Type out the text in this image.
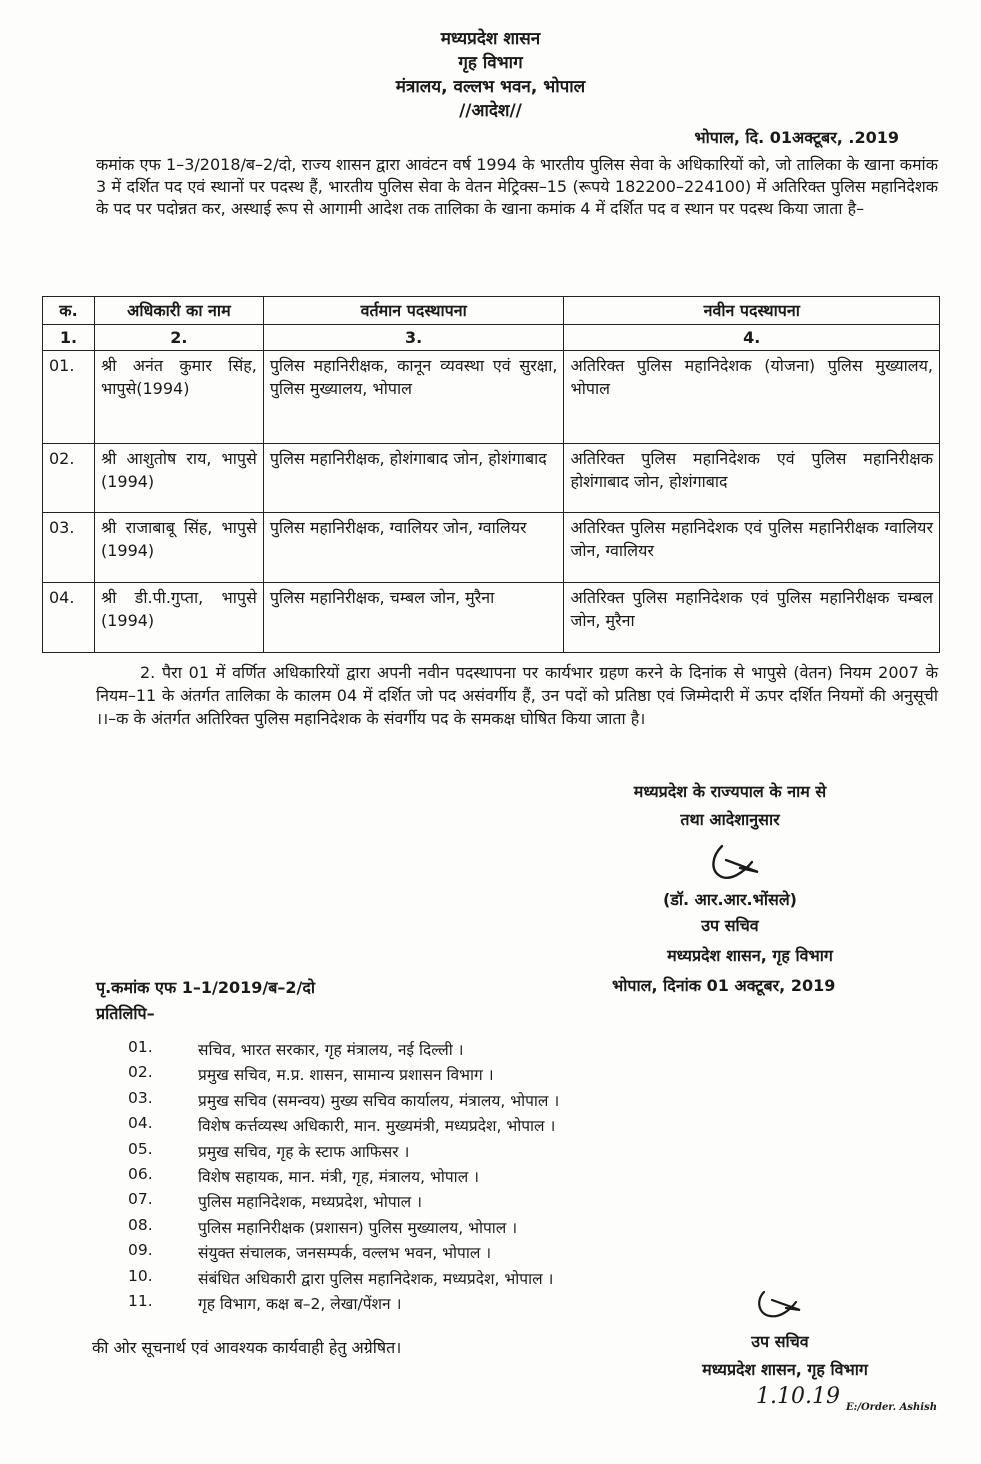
मध्यप्रदेश शासन
गृह विभाग
मंत्रालय, वल्लभ भवन, भोपाल
//आदेश//
भोपाल, दि. 01अक्टूबर, .2019
कमांक एफ 1–3/2018/ब–2/दो, राज्य शासन द्वारा आवंटन वर्ष 1994 के भारतीय पुलिस सेवा के अधिकारियों को, जो तालिका के खाना कमांक 3 में दर्शित पद एवं स्थानों पर पदस्थ हैं, भारतीय पुलिस सेवा के वेतन मेट्रिक्स–15 (रूपये 182200–224100) में अतिरिक्त पुलिस महानिदेशक के पद पर पदोन्नत कर, अस्थाई रूप से आगामी आदेश तक तालिका के खाना कमांक 4 में दर्शित पद व स्थान पर पदस्थ किया जाता है–
क.	अधिकारी का नाम	वर्तमान पदस्थापना	नवीन पदस्थापना
1.	2.	3.	4.
01.	श्री अनंत कुमार सिंह, भापुसे(1994)	पुलिस महानिरीक्षक, कानून व्यवस्था एवं सुरक्षा, पुलिस मुख्यालय, भोपाल	अतिरिक्त पुलिस महानिदेशक (योजना) पुलिस मुख्यालय, भोपाल
02.	श्री आशुतोष राय, भापुसे (1994)	पुलिस महानिरीक्षक, होशंगाबाद जोन, होशंगाबाद	अतिरिक्त पुलिस महानिदेशक एवं पुलिस महानिरीक्षक होशंगाबाद जोन, होशंगाबाद
03.	श्री राजाबाबू सिंह, भापुसे (1994)	पुलिस महानिरीक्षक, ग्वालियर जोन, ग्वालियर	अतिरिक्त पुलिस महानिदेशक एवं पुलिस महानिरीक्षक ग्वालियर जोन, ग्वालियर
04.	श्री डी.पी.गुप्ता, भापुसे (1994)	पुलिस महानिरीक्षक, चम्बल जोन, मुरैना	अतिरिक्त पुलिस महानिदेशक एवं पुलिस महानिरीक्षक चम्बल जोन, मुरैना
2. पैरा 01 में वर्णित अधिकारियों द्वारा अपनी नवीन पदस्थापना पर कार्यभार ग्रहण करने के दिनांक से भापुसे (वेतन) नियम 2007 के नियम–11 के अंतर्गत तालिका के कालम 04 में दर्शित जो पद असंवर्गीय हैं, उन पदों को प्रतिष्ठा एवं जिम्मेदारी में ऊपर दर्शित नियमों की अनुसूची ।।–क के अंतर्गत अतिरिक्त पुलिस महानिदेशक के संवर्गीय पद के समकक्ष घोषित किया जाता है।
मध्यप्रदेश के राज्यपाल के नाम से
तथा आदेशानुसार
(डॉ. आर.आर.भोंसले)
उप सचिव
मध्यप्रदेश शासन, गृह विभाग
भोपाल, दिनांक 01 अक्टूबर, 2019
पृ.कमांक एफ 1–1/2019/ब–2/दो
प्रतिलिपि–
01.	सचिव, भारत सरकार, गृह मंत्रालय, नई दिल्ली ।
02.	प्रमुख सचिव, म.प्र. शासन, सामान्य प्रशासन विभाग ।
03.	प्रमुख सचिव (समन्वय) मुख्य सचिव कार्यालय, मंत्रालय, भोपाल ।
04.	विशेष कर्त्तव्यस्थ अधिकारी, मान. मुख्यमंत्री, मध्यप्रदेश, भोपाल ।
05.	प्रमुख सचिव, गृह के स्टाफ आफिसर ।
06.	विशेष सहायक, मान. मंत्री, गृह, मंत्रालय, भोपाल ।
07.	पुलिस महानिदेशक, मध्यप्रदेश, भोपाल ।
08.	पुलिस महानिरीक्षक (प्रशासन) पुलिस मुख्यालय, भोपाल ।
09.	संयुक्त संचालक, जनसम्पर्क, वल्लभ भवन, भोपाल ।
10.	संबंधित अधिकारी द्वारा पुलिस महानिदेशक, मध्यप्रदेश, भोपाल ।
11.	गृह विभाग, कक्ष ब–2, लेखा/पेंशन ।
की ओर सूचनार्थ एवं आवश्यक कार्यवाही हेतु अग्रेषित।	उप सचिव
मध्यप्रदेश शासन, गृह विभाग
1.10.19 E:/Order. Ashish
